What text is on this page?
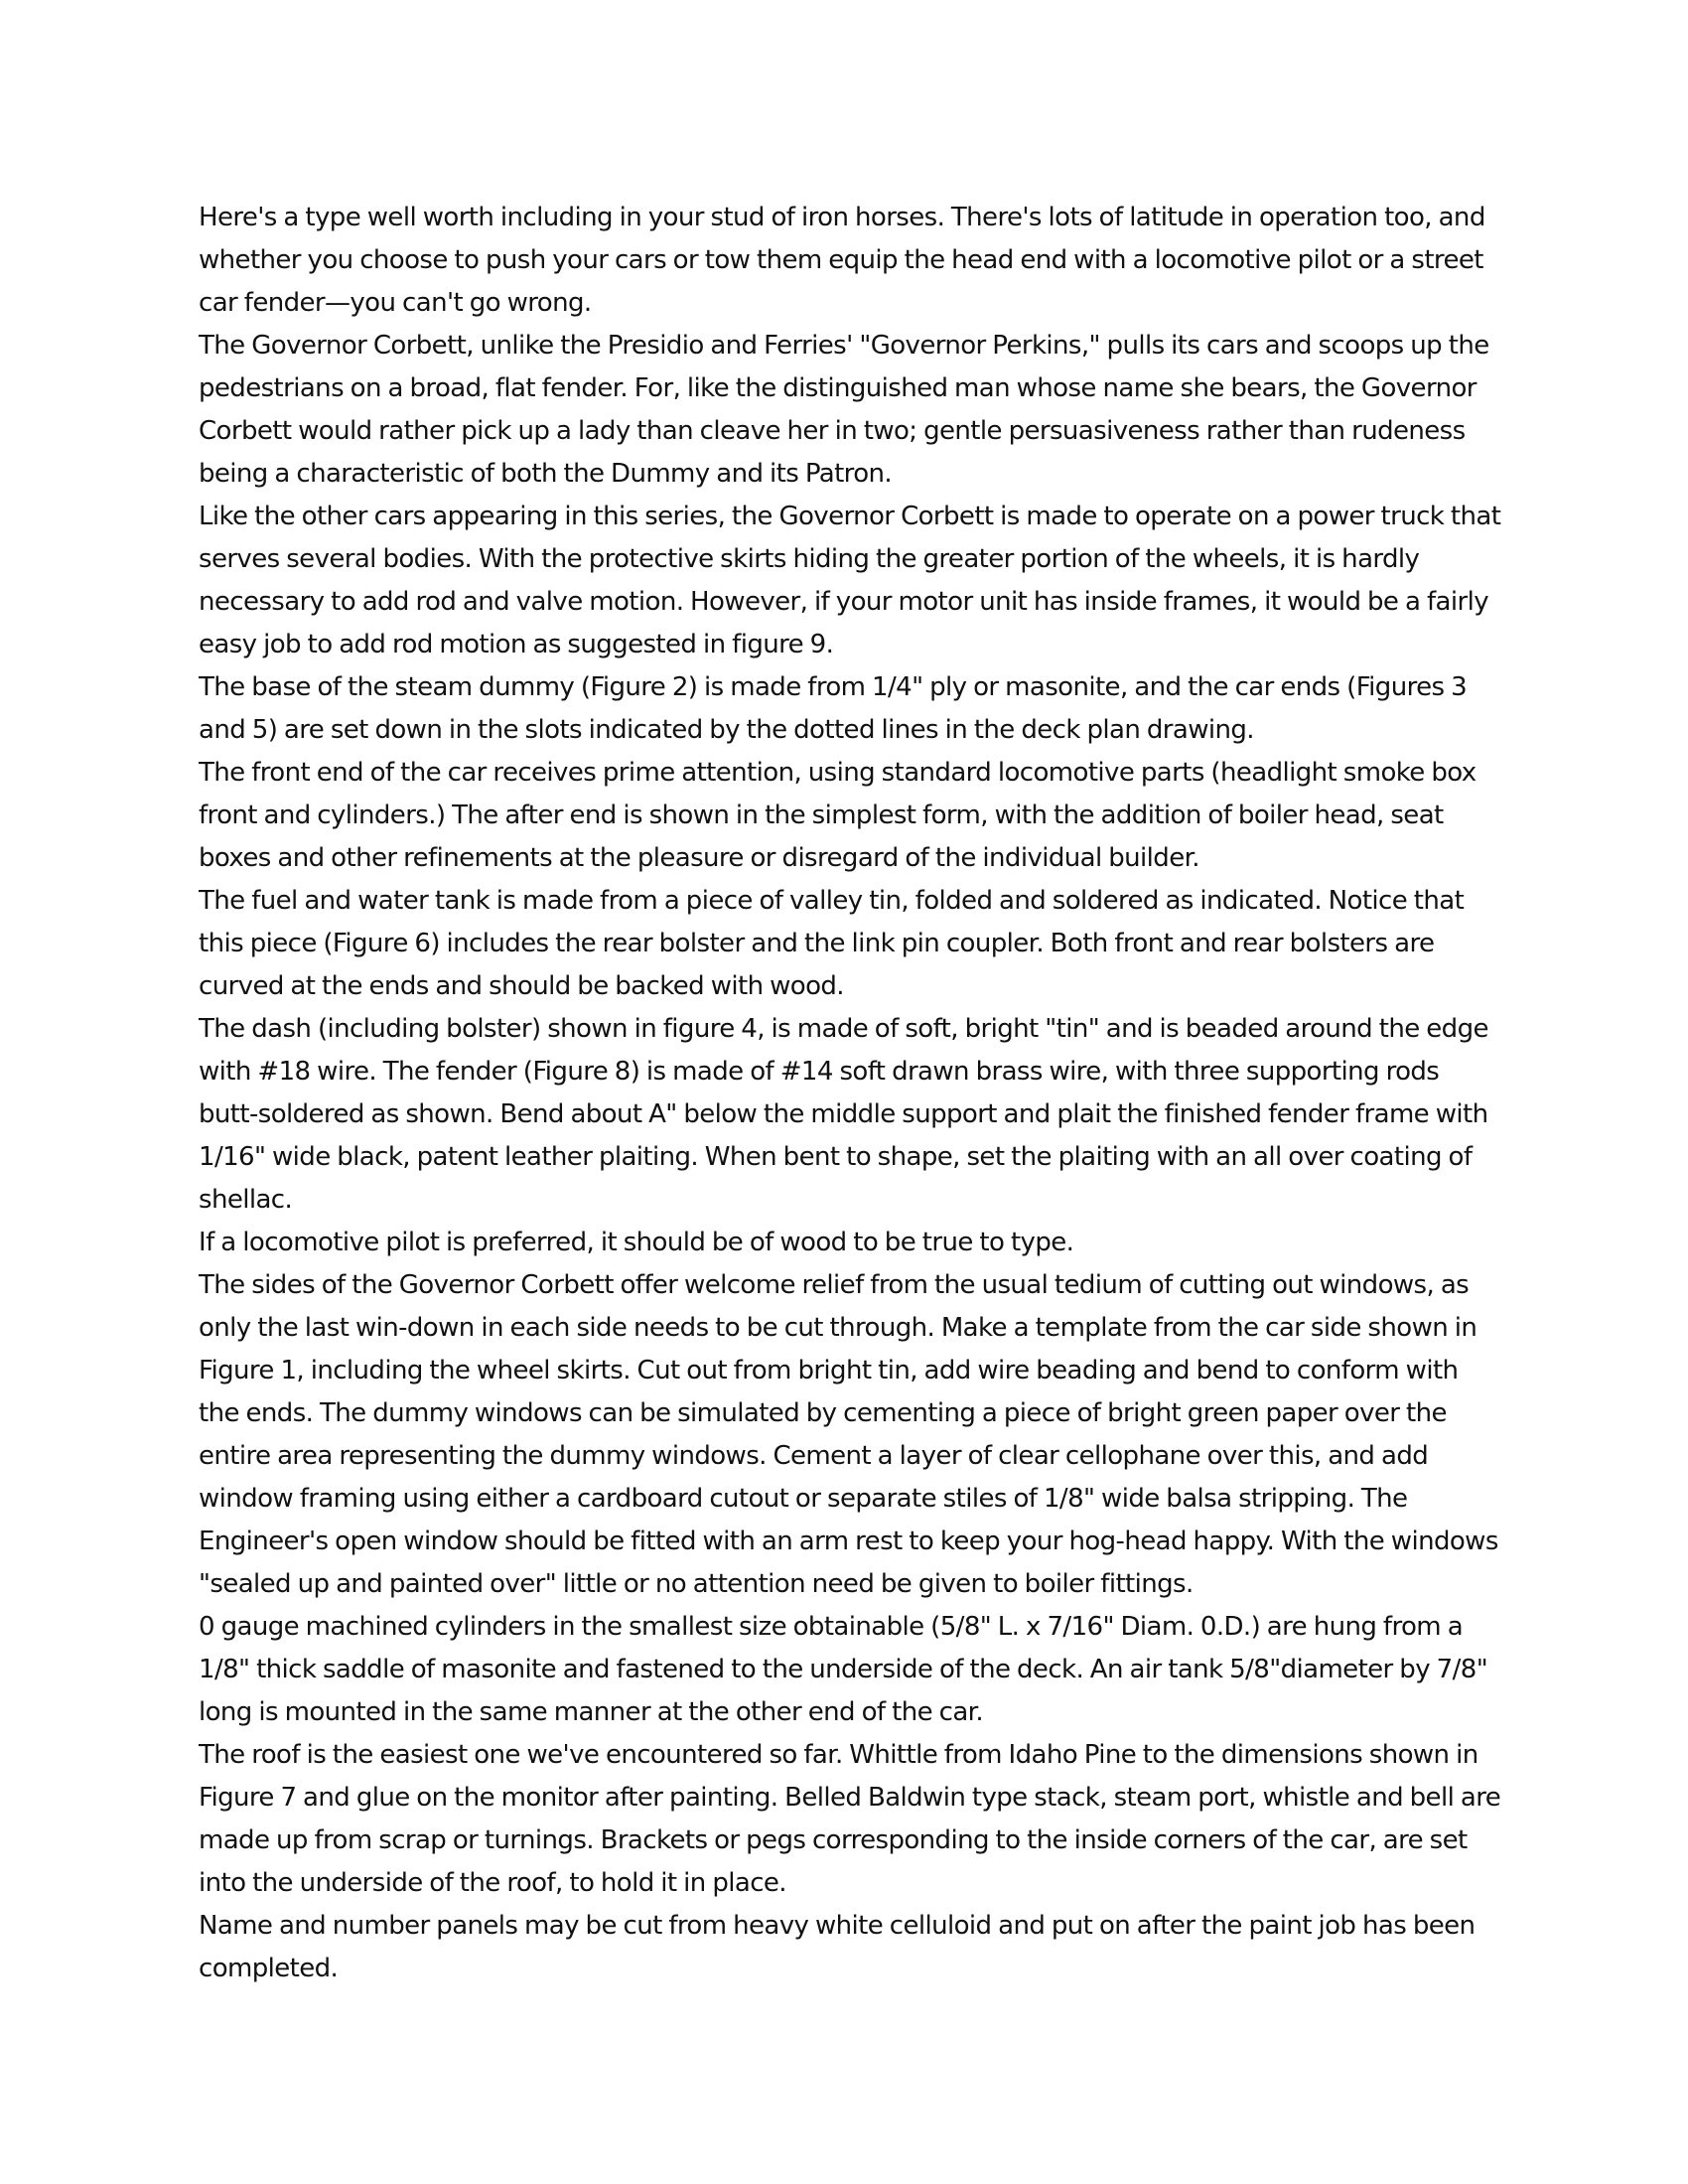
Here's a type well worth including in your stud of iron horses. There's lots of latitude in operation too, and whether you choose to push your cars or tow them equip the head end with a locomotive pilot or a street car fender—you can't go wrong.

The Governor Corbett, unlike the Presidio and Ferries' "Governor Perkins," pulls its cars and scoops up the pedestrians on a broad, flat fender. For, like the distinguished man whose name she bears, the Governor Corbett would rather pick up a lady than cleave her in two; gentle persuasiveness rather than rudeness being a characteristic of both the Dummy and its Patron.

Like the other cars appearing in this series, the Governor Corbett is made to operate on a power truck that serves several bodies. With the protective skirts hiding the greater portion of the wheels, it is hardly necessary to add rod and valve motion. However, if your motor unit has inside frames, it would be a fairly easy job to add rod motion as suggested in figure 9.

The base of the steam dummy (Figure 2) is made from 1/4" ply or masonite, and the car ends (Figures 3 and 5) are set down in the slots indicated by the dotted lines in the deck plan drawing.

The front end of the car receives prime attention, using standard locomotive parts (headlight smoke box front and cylinders.) The after end is shown in the simplest form, with the addition of boiler head, seat boxes and other refinements at the pleasure or disregard of the individual builder.

The fuel and water tank is made from a piece of valley tin, folded and soldered as indicated. Notice that this piece (Figure 6) includes the rear bolster and the link pin coupler. Both front and rear bolsters are curved at the ends and should be backed with wood.

The dash (including bolster) shown in figure 4, is made of soft, bright "tin" and is beaded around the edge with #18 wire. The fender (Figure 8) is made of #14 soft drawn brass wire, with three supporting rods butt-soldered as shown. Bend about A" below the middle support and plait the finished fender frame with 1/16" wide black, patent leather plaiting. When bent to shape, set the plaiting with an all over coating of shellac.

If a locomotive pilot is preferred, it should be of wood to be true to type.

The sides of the Governor Corbett offer welcome relief from the usual tedium of cutting out windows, as only the last win-down in each side needs to be cut through. Make a template from the car side shown in Figure 1, including the wheel skirts. Cut out from bright tin, add wire beading and bend to conform with the ends. The dummy windows can be simulated by cementing a piece of bright green paper over the entire area representing the dummy windows. Cement a layer of clear cellophane over this, and add window framing using either a cardboard cutout or separate stiles of 1/8" wide balsa stripping. The Engineer's open window should be fitted with an arm rest to keep your hog-head happy. With the windows "sealed up and painted over" little or no attention need be given to boiler fittings.

0 gauge machined cylinders in the smallest size obtainable (5/8" L. x 7/16" Diam. 0.D.) are hung from a 1/8" thick saddle of masonite and fastened to the underside of the deck. An air tank 5/8"diameter by 7/8" long is mounted in the same manner at the other end of the car.

The roof is the easiest one we've encountered so far. Whittle from Idaho Pine to the dimensions shown in Figure 7 and glue on the monitor after painting. Belled Baldwin type stack, steam port, whistle and bell are made up from scrap or turnings. Brackets or pegs corresponding to the inside corners of the car, are set into the underside of the roof, to hold it in place.

Name and number panels may be cut from heavy white celluloid and put on after the paint job has been completed.
